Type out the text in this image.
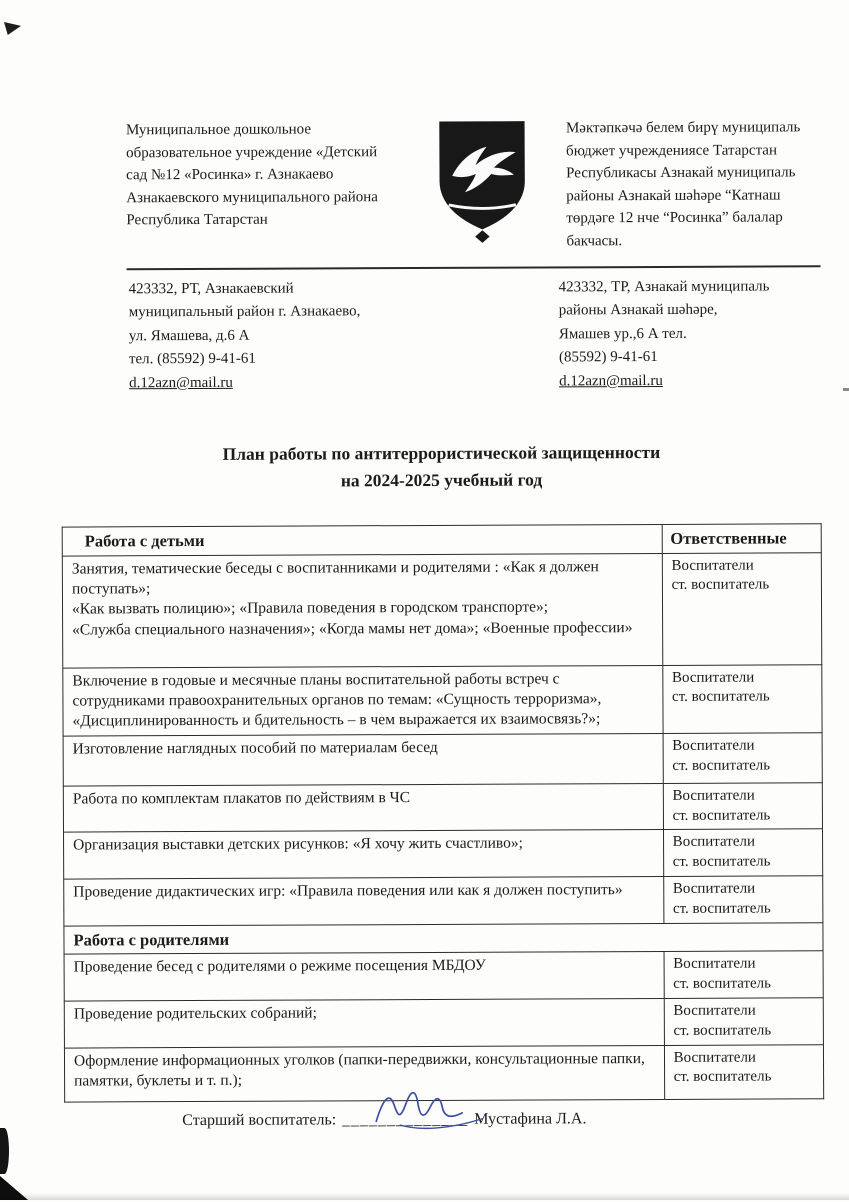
Муниципальное дошкольное
образовательное учреждение «Детский
сад №12 «Росинка» г. Азнакаево
Азнакаевского муниципального района
Республика Татарстан
Мәктәпкәчә белем бирү муниципаль
бюджет учреждениясе Татарстан
Республикасы Азнакай муниципаль
районы Азнакай шәһәре “Катнаш
төрдәге 12 нче “Росинка” балалар
бакчасы.
423332, РТ, Азнакаевский
муниципальный район г. Азнакаево,
ул. Ямашева, д.6 А
тел. (85592) 9-41-61
d.12azn@mail.ru
423332, ТР, Азнакай муниципаль
районы Азнакай шәһәре,
Ямашев ур.,6 А тел.
(85592) 9-41-61
d.12azn@mail.ru
План работы по антитеррористической защищенности
на 2024-2025 учебный год
Работа с детьми	Ответственные
Занятия, тематические беседы с воспитанниками и родителями : «Как я должен поступать»;
«Как вызвать полицию»; «Правила поведения в городском транспорте»;
«Служба специального назначения»; «Когда мамы нет дома»; «Военные профессии»	Воспитатели
ст. воспитатель
Включение в годовые и месячные планы воспитательной работы встреч с сотрудниками правоохранительных органов по темам: «Сущность терроризма», «Дисциплинированность и бдительность – в чем выражается их взаимосвязь?»;	Воспитатели
ст. воспитатель
Изготовление наглядных пособий по материалам бесед	Воспитатели
ст. воспитатель
Работа по комплектам плакатов по действиям в ЧС	Воспитатели
ст. воспитатель
Организация выставки детских рисунков: «Я хочу жить счастливо»;	Воспитатели
ст. воспитатель
Проведение дидактических игр: «Правила поведения или как я должен поступить»	Воспитатели
ст. воспитатель
Работа с родителями	
Проведение бесед с родителями о режиме посещения МБДОУ	Воспитатели
ст. воспитатель
Проведение родительских собраний;	Воспитатели
ст. воспитатель
Оформление информационных уголков (папки-передвижки, консультационные папки, памятки, буклеты и т. п.);	Воспитатели
ст. воспитатель
Старший воспитатель: ______________ Мустафина Л.А.
